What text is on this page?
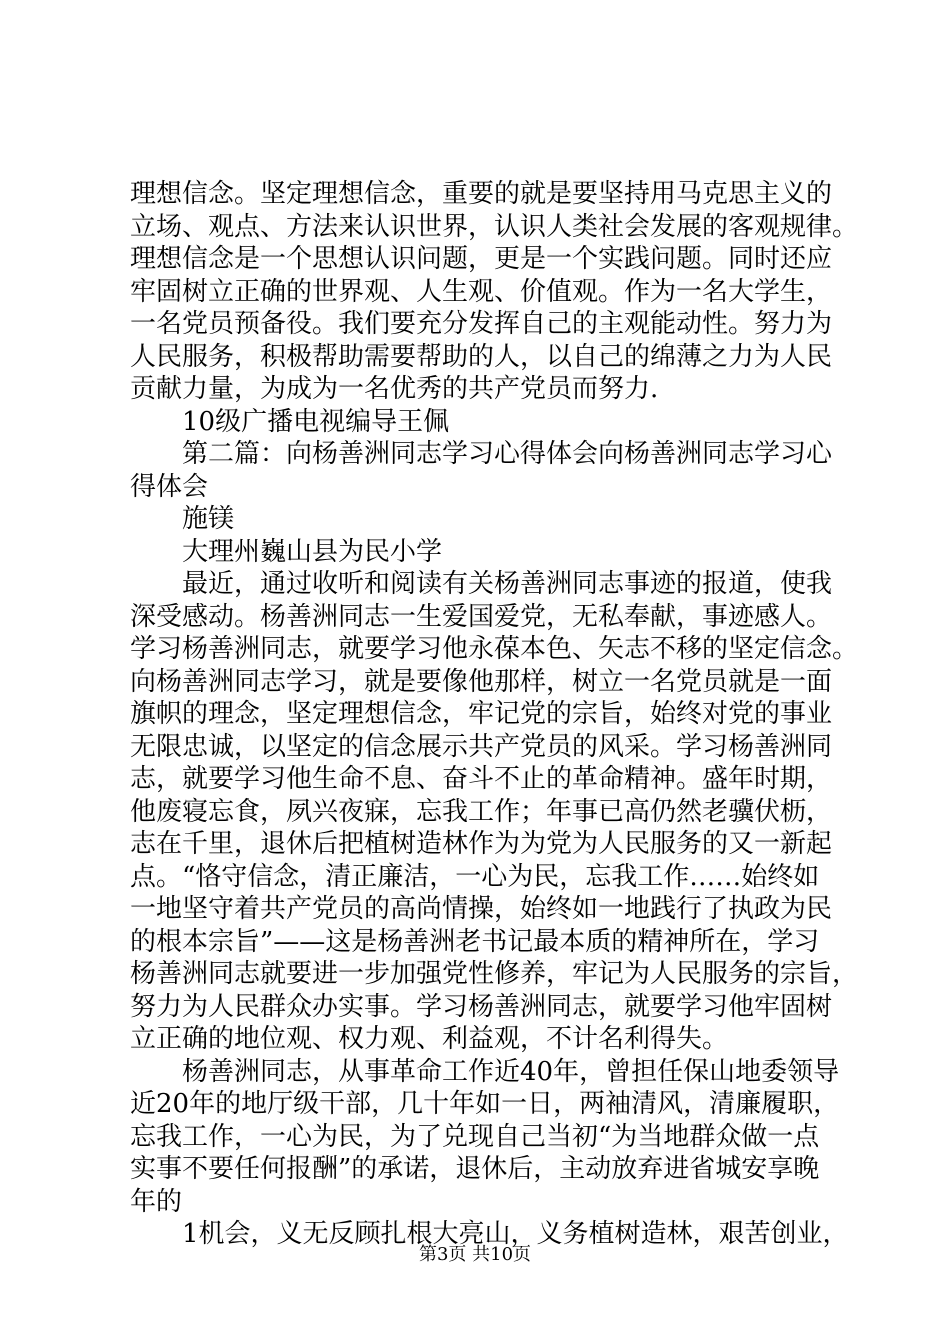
理想信念。坚定理想信念，重要的就是要坚持用马克思主义的
立场、观点、方法来认识世界，认识人类社会发展的客观规律。
理想信念是一个思想认识问题，更是一个实践问题。同时还应
牢固树立正确的世界观、人生观、价值观。作为一名大学生，
一名党员预备役。我们要充分发挥自己的主观能动性。努力为
人民服务，积极帮助需要帮助的人，以自己的绵薄之力为人民
贡献力量，为成为一名优秀的共产党员而努力.
10级广播电视编导王佩
第二篇：向杨善洲同志学习心得体会向杨善洲同志学习心
得体会
施镁
大理州巍山县为民小学
最近，通过收听和阅读有关杨善洲同志事迹的报道，使我
深受感动。杨善洲同志一生爱国爱党，无私奉献，事迹感人。
学习杨善洲同志，就要学习他永葆本色、矢志不移的坚定信念。
向杨善洲同志学习，就是要像他那样，树立一名党员就是一面
旗帜的理念，坚定理想信念，牢记党的宗旨，始终对党的事业
无限忠诚，以坚定的信念展示共产党员的风采。学习杨善洲同
志，就要学习他生命不息、奋斗不止的革命精神。盛年时期，
他废寝忘食，夙兴夜寐，忘我工作；年事已高仍然老骥伏枥，
志在千里，退休后把植树造林作为为党为人民服务的又一新起
点。“恪守信念，清正廉洁，一心为民，忘我工作……始终如
一地坚守着共产党员的高尚情操，始终如一地践行了执政为民
的根本宗旨”——这是杨善洲老书记最本质的精神所在，学习
杨善洲同志就要进一步加强党性修养，牢记为人民服务的宗旨，
努力为人民群众办实事。学习杨善洲同志，就要学习他牢固树
立正确的地位观、权力观、利益观，不计名利得失。
杨善洲同志，从事革命工作近40年，曾担任保山地委领导
近20年的地厅级干部，几十年如一日，两袖清风，清廉履职，
忘我工作，一心为民，为了兑现自己当初“为当地群众做一点
实事不要任何报酬”的承诺，退休后，主动放弃进省城安享晚
年的
1机会，义无反顾扎根大亮山，义务植树造林，艰苦创业，
第3页 共10页
